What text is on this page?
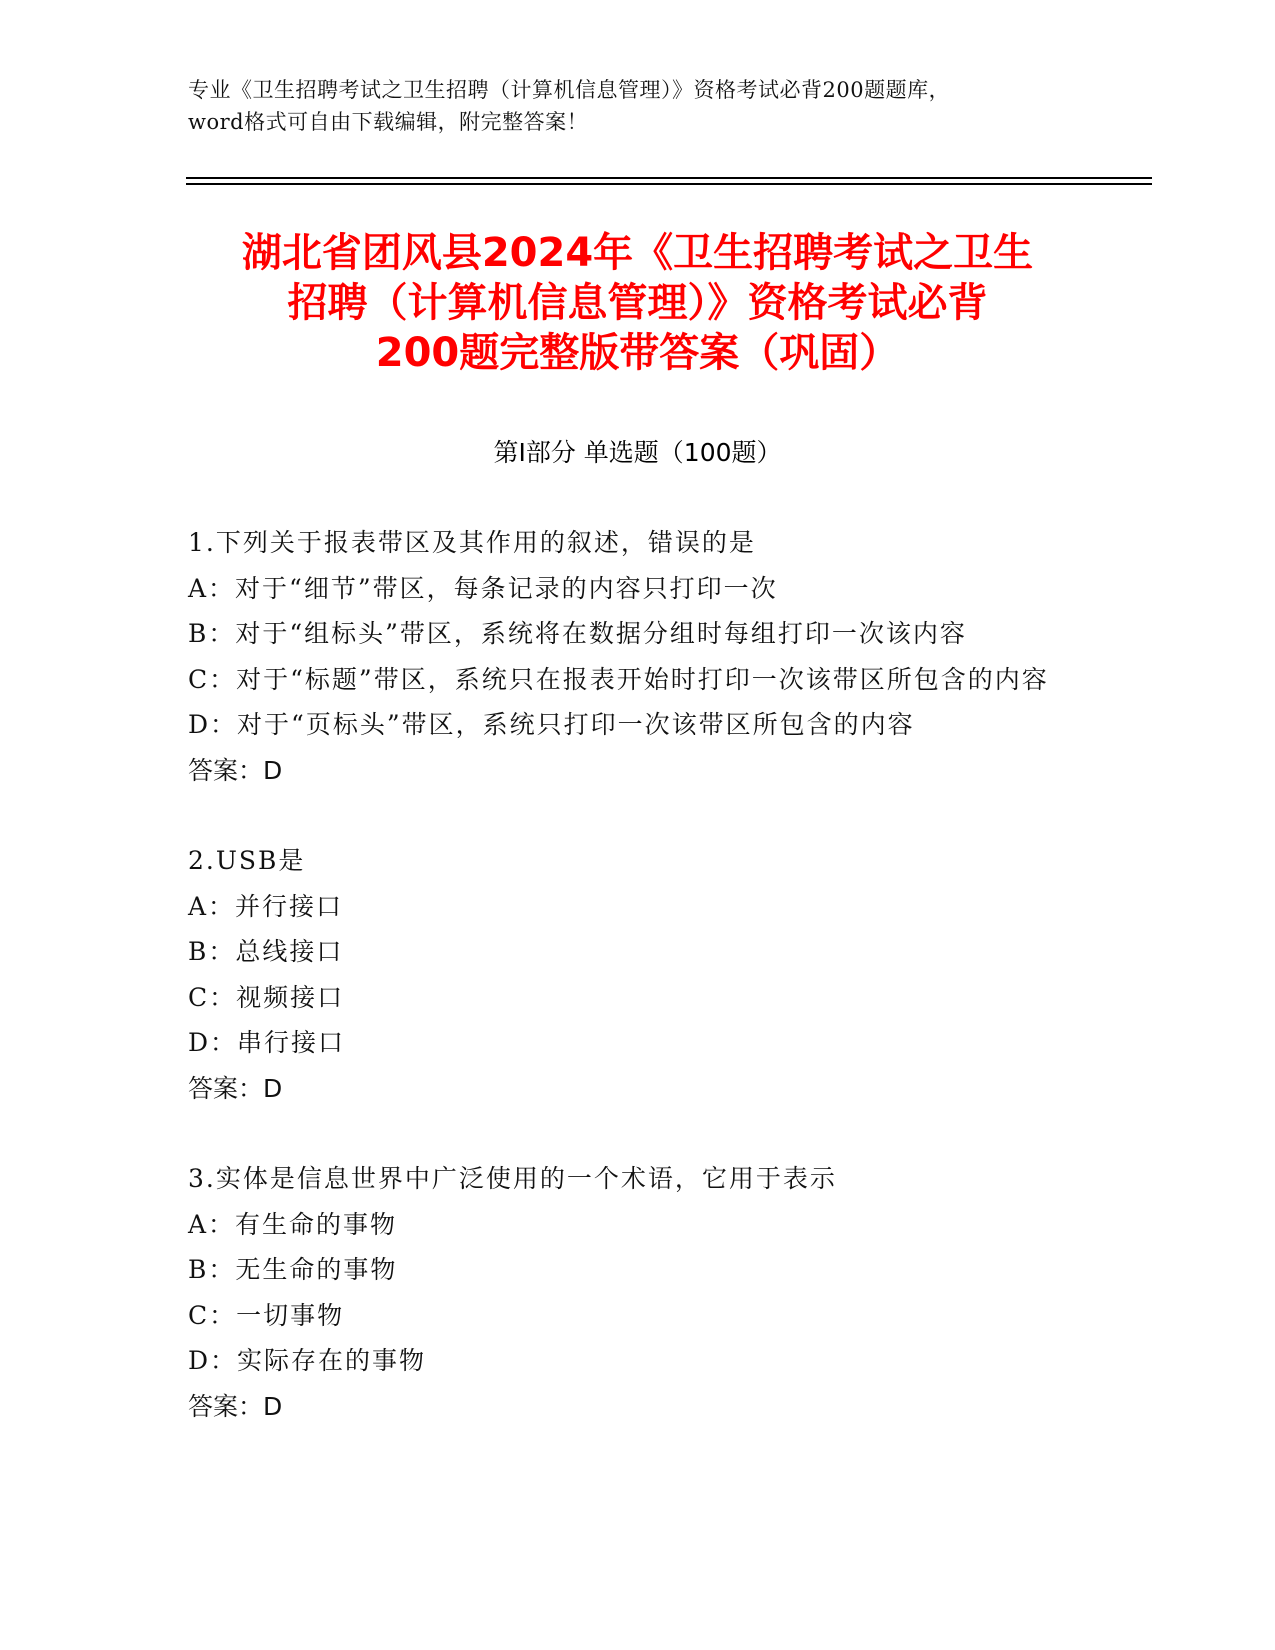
专业《卫生招聘考试之卫生招聘（计算机信息管理）》资格考试必背200题题库，
word格式可自由下载编辑，附完整答案！
湖北省团风县2024年《卫生招聘考试之卫生
招聘（计算机信息管理）》资格考试必背
200题完整版带答案（巩固）
第Ⅰ部分 单选题（100题）
1.下列关于报表带区及其作用的叙述，错误的是
A：对于“细节”带区，每条记录的内容只打印一次
B：对于“组标头”带区，系统将在数据分组时每组打印一次该内容
C：对于“标题”带区，系统只在报表开始时打印一次该带区所包含的内容
D：对于“页标头”带区，系统只打印一次该带区所包含的内容
答案：D
2.USB是
A：并行接口
B：总线接口
C：视频接口
D：串行接口
答案：D
3.实体是信息世界中广泛使用的一个术语，它用于表示
A：有生命的事物
B：无生命的事物
C：一切事物
D：实际存在的事物
答案：D
